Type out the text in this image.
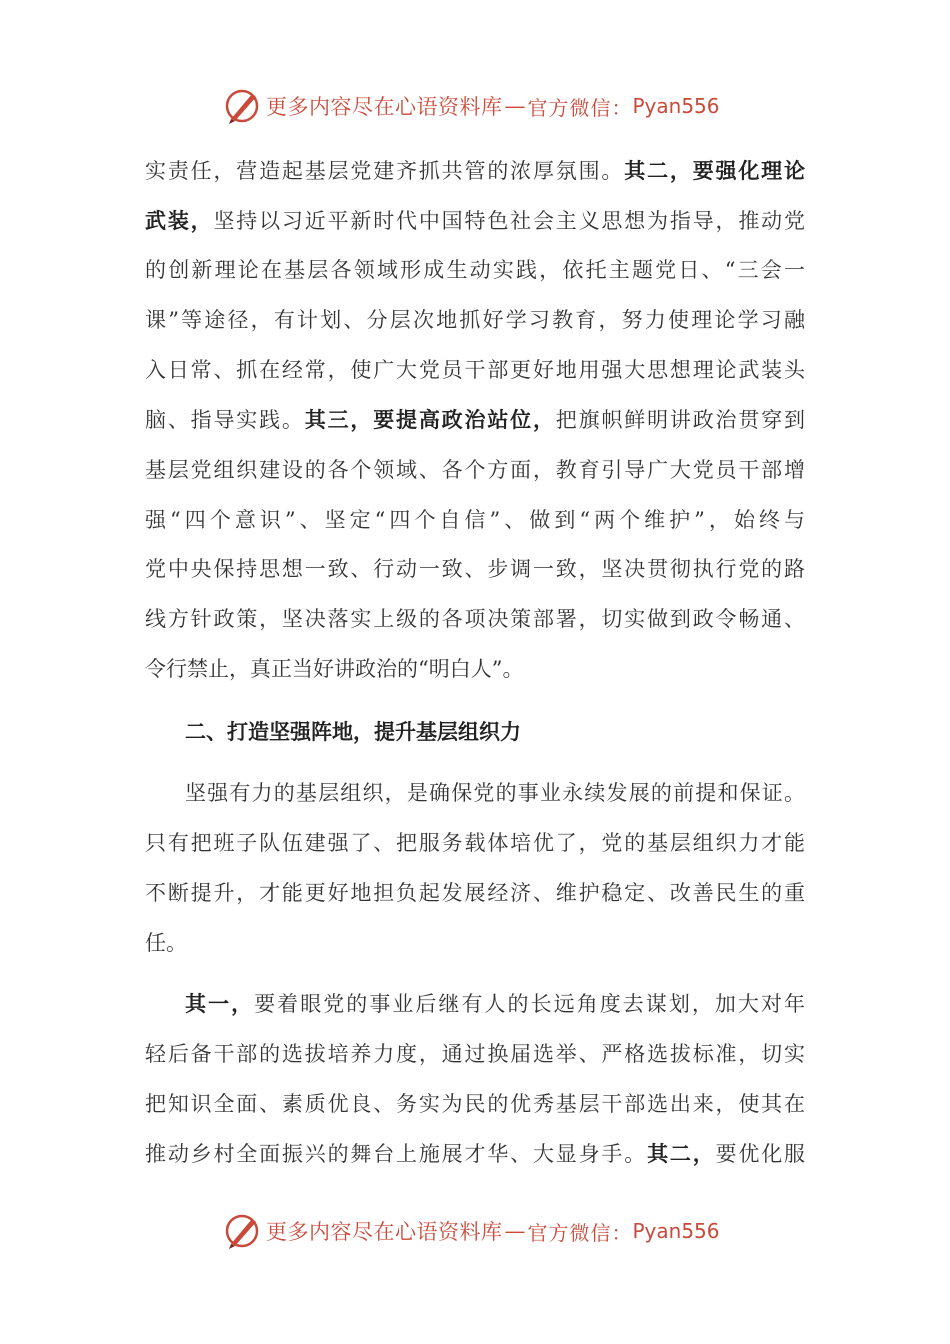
更多内容尽在心语资料库 — 官方微信： Pyan556
实责任，营造起基层党建齐抓共管的浓厚氛围。其二，要强化理论
武装，坚持以习近平新时代中国特色社会主义思想为指导，推动党
的创新理论在基层各领域形成生动实践，依托主题党日、“三会一
课”等途径，有计划、分层次地抓好学习教育，努力使理论学习融
入日常、抓在经常，使广大党员干部更好地用强大思想理论武装头
脑、指导实践。其三，要提高政治站位，把旗帜鲜明讲政治贯穿到
基层党组织建设的各个领域、各个方面，教育引导广大党员干部增
强“四个意识”、坚定“四个自信”、做到“两个维护”，始终与
党中央保持思想一致、行动一致、步调一致，坚决贯彻执行党的路
线方针政策，坚决落实上级的各项决策部署，切实做到政令畅通、
令行禁止，真正当好讲政治的“明白人”。
二、打造坚强阵地，提升基层组织力
坚强有力的基层组织，是确保党的事业永续发展的前提和保证。
只有把班子队伍建强了、把服务载体培优了，党的基层组织力才能
不断提升，才能更好地担负起发展经济、维护稳定、改善民生的重
任。
其一，要着眼党的事业后继有人的长远角度去谋划，加大对年
轻后备干部的选拔培养力度，通过换届选举、严格选拔标准，切实
把知识全面、素质优良、务实为民的优秀基层干部选出来，使其在
推动乡村全面振兴的舞台上施展才华、大显身手。其二，要优化服
更多内容尽在心语资料库 — 官方微信： Pyan556
